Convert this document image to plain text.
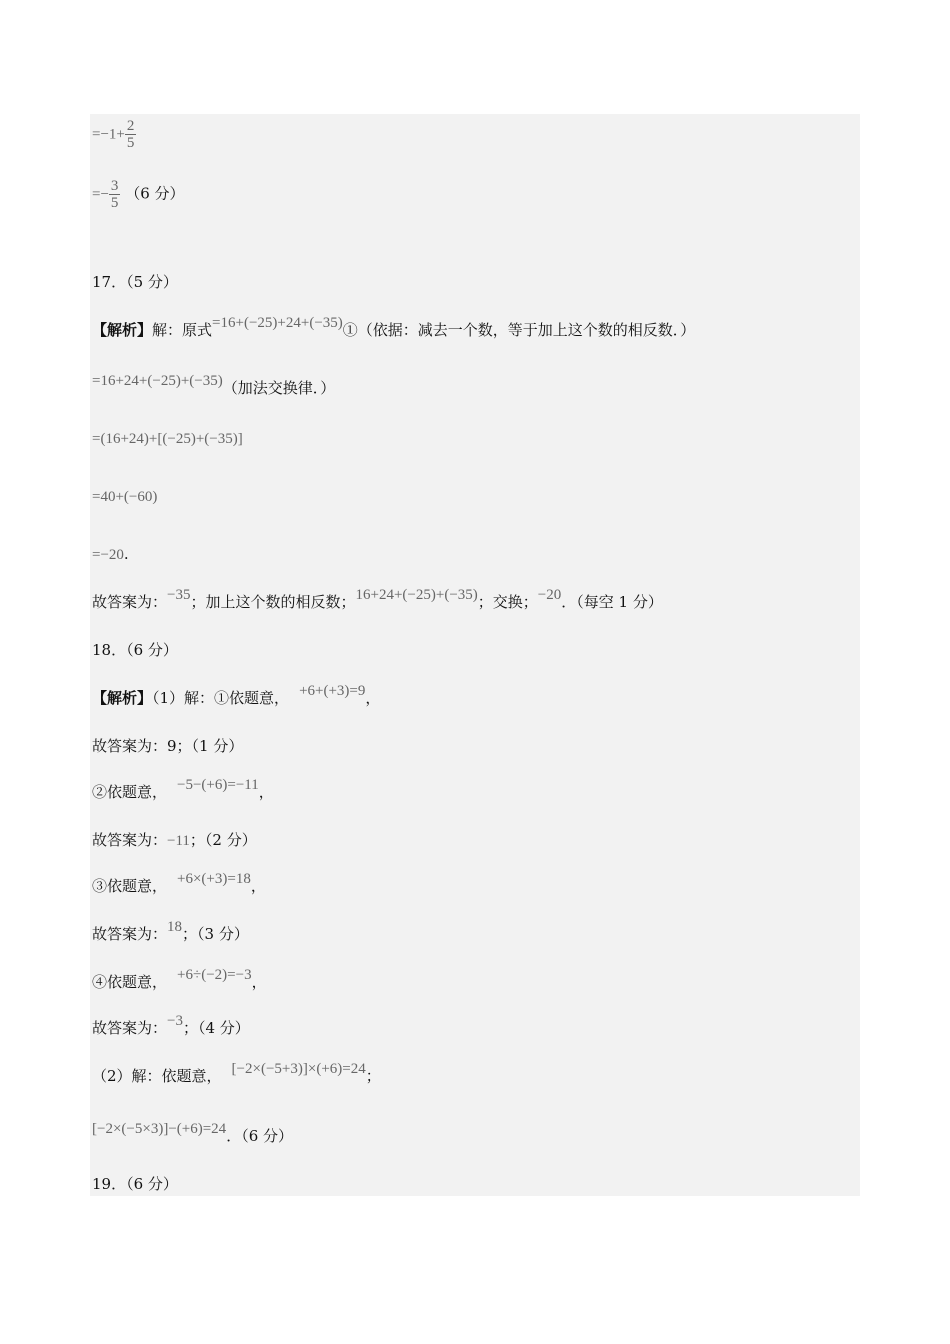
$=-1+ \frac{2}{5}$
=− $\frac{3}{5} (6$ 分）
17．（5 分）
【解析】解：原式=16+(−25)+24+(−35)①（依据：减去一个数，等于加上这个数的相反数．）
=16+24+(−25)+(−35)（加法交换律．）
=(16+24)+[(−25)+(−35)]
=40+(−60)
=−20.
故答案为：−35；加上这个数的相反数；16+24+(−25)+(−35)；交换；−20．（每空 1 分）
18．（6 分）
【解析】（1）解：①依题意， +6+(+3)=9，
故答案为：9；（1 分）
②依题意， −5−(+6)=−11，
故答案为：−11；（2 分）
③依题意， +6×(+3)=18，
故答案为：18；（3 分）
④依题意， +6÷(−2)=−3，
故答案为：−3；（4 分）
（2）解：依题意， [−2×(−5+3)]×(+6)=24；
[−2×(−5×3)]−(+6)=24．（6 分）
19．（6 分）
